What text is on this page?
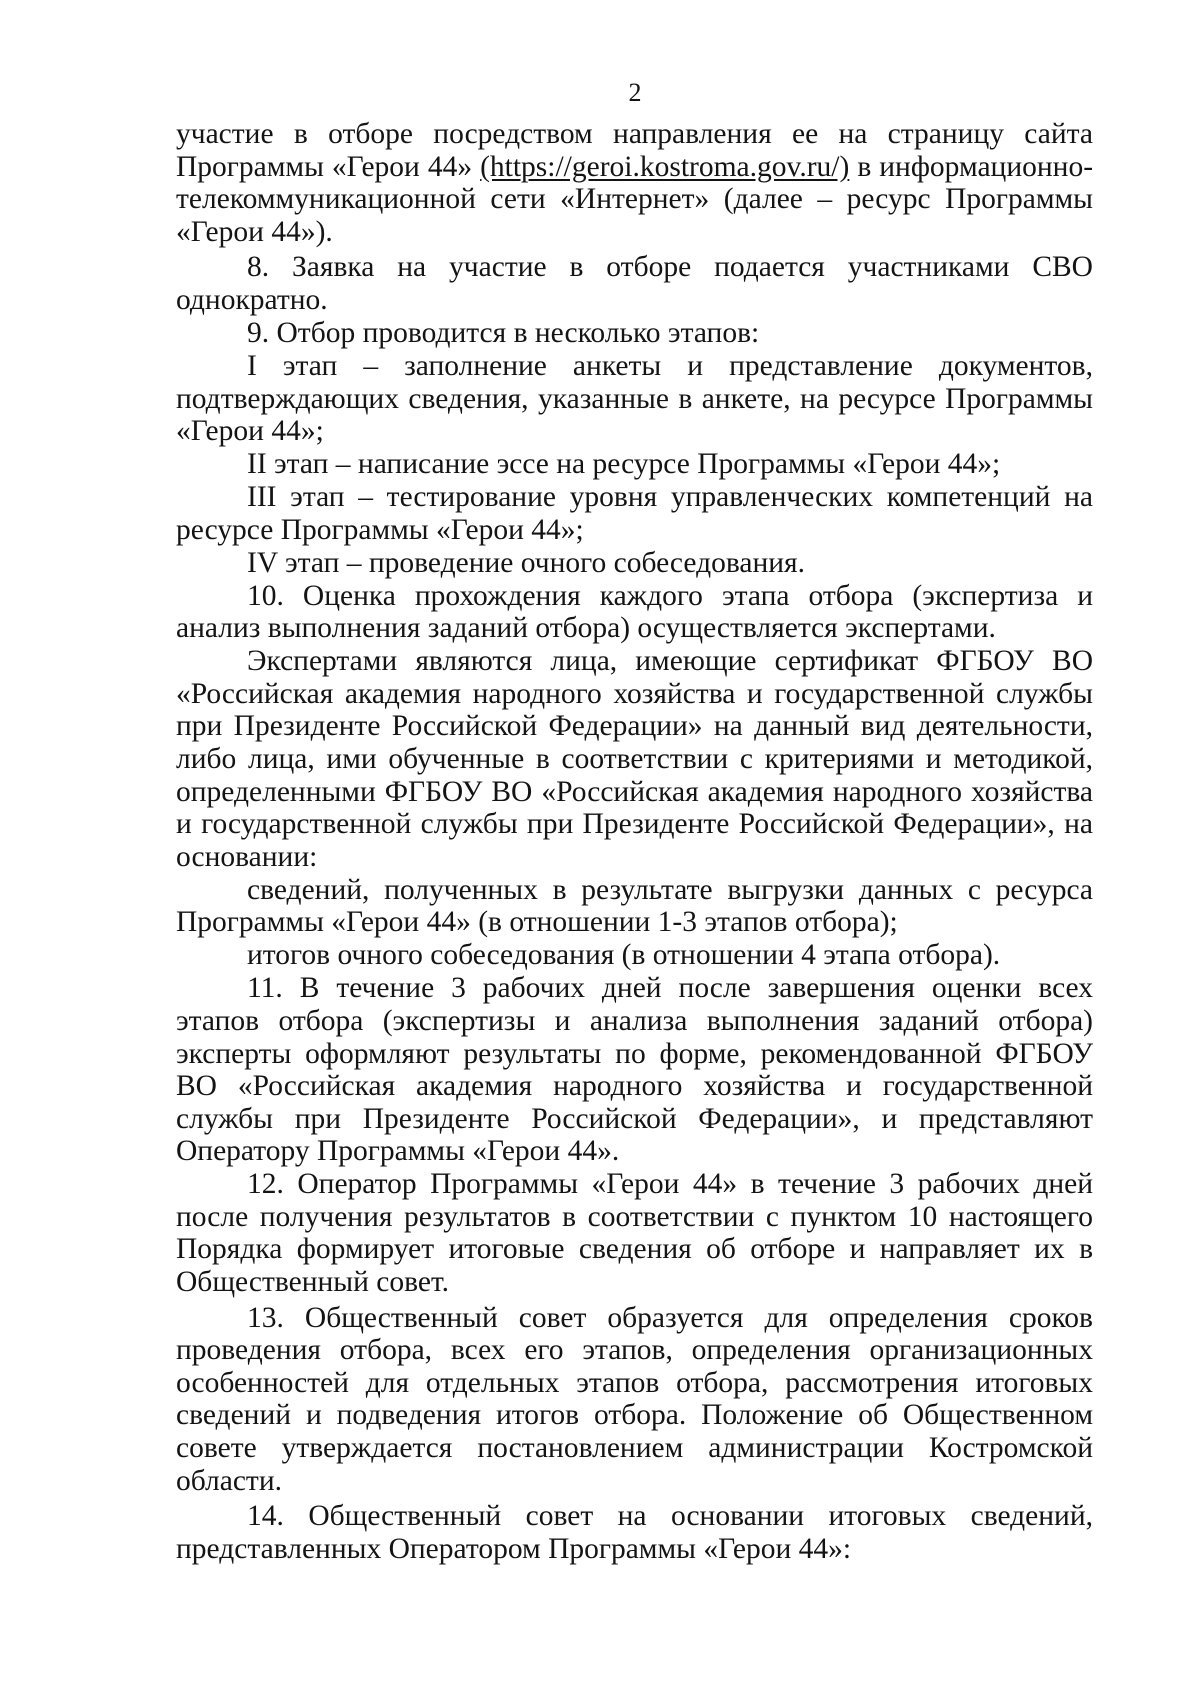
2

участие в отборе посредством направления ее на страницу сайта Программы «Герои 44» (https://geroi.kostroma.gov.ru/) в информационно-телекоммуникационной сети «Интернет» (далее – ресурс Программы «Герои 44»).

8. Заявка на участие в отборе подается участниками СВО однократно.

9. Отбор проводится в несколько этапов:

I этап – заполнение анкеты и представление документов, подтверждающих сведения, указанные в анкете, на ресурсе Программы «Герои 44»;

II этап – написание эссе на ресурсе Программы «Герои 44»;

III этап – тестирование уровня управленческих компетенций на ресурсе Программы «Герои 44»;

IV этап – проведение очного собеседования.

10. Оценка прохождения каждого этапа отбора (экспертиза и анализ выполнения заданий отбора) осуществляется экспертами.

Экспертами являются лица, имеющие сертификат ФГБОУ ВО «Российская академия народного хозяйства и государственной службы при Президенте Российской Федерации» на данный вид деятельности, либо лица, ими обученные в соответствии с критериями и методикой, определенными ФГБОУ ВО «Российская академия народного хозяйства и государственной службы при Президенте Российской Федерации», на основании:

сведений, полученных в результате выгрузки данных с ресурса Программы «Герои 44» (в отношении 1-3 этапов отбора);

итогов очного собеседования (в отношении 4 этапа отбора).

11. В течение 3 рабочих дней после завершения оценки всех этапов отбора (экспертизы и анализа выполнения заданий отбора) эксперты оформляют результаты по форме, рекомендованной ФГБОУ ВО «Российская академия народного хозяйства и государственной службы при Президенте Российской Федерации», и представляют Оператору Программы «Герои 44».

12. Оператор Программы «Герои 44» в течение 3 рабочих дней после получения результатов в соответствии с пунктом 10 настоящего Порядка формирует итоговые сведения об отборе и направляет их в Общественный совет.

13. Общественный совет образуется для определения сроков проведения отбора, всех его этапов, определения организационных особенностей для отдельных этапов отбора, рассмотрения итоговых сведений и подведения итогов отбора. Положение об Общественном совете утверждается постановлением администрации Костромской области.

14. Общественный совет на основании итоговых сведений, представленных Оператором Программы «Герои 44»:
